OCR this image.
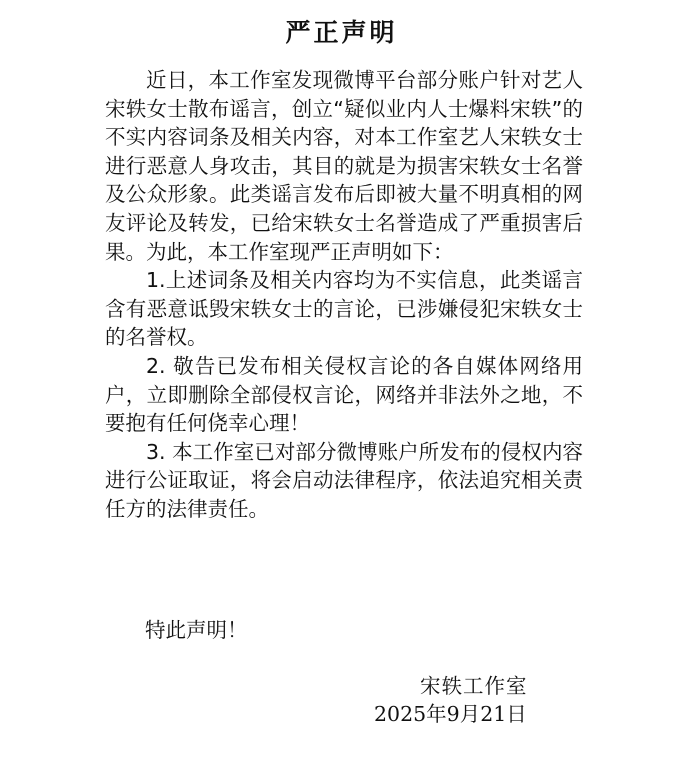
严正声明

近日，本工作室发现微博平台部分账户针对艺人宋轶女士散布谣言，创立“疑似业内人士爆料宋轶”的不实内容词条及相关内容，对本工作室艺人宋轶女士进行恶意人身攻击，其目的就是为损害宋轶女士名誉及公众形象。此类谣言发布后即被大量不明真相的网友评论及转发，已给宋轶女士名誉造成了严重损害后果。为此，本工作室现严正声明如下：

1.上述词条及相关内容均为不实信息，此类谣言含有恶意诋毁宋轶女士的言论，已涉嫌侵犯宋轶女士的名誉权。

2. 敬告已发布相关侵权言论的各自媒体网络用户，立即删除全部侵权言论，网络并非法外之地，不要抱有任何侥幸心理！

3. 本工作室已对部分微博账户所发布的侵权内容进行公证取证，将会启动法律程序，依法追究相关责任方的法律责任。

特此声明！
宋轶工作室
2025年9月21日
